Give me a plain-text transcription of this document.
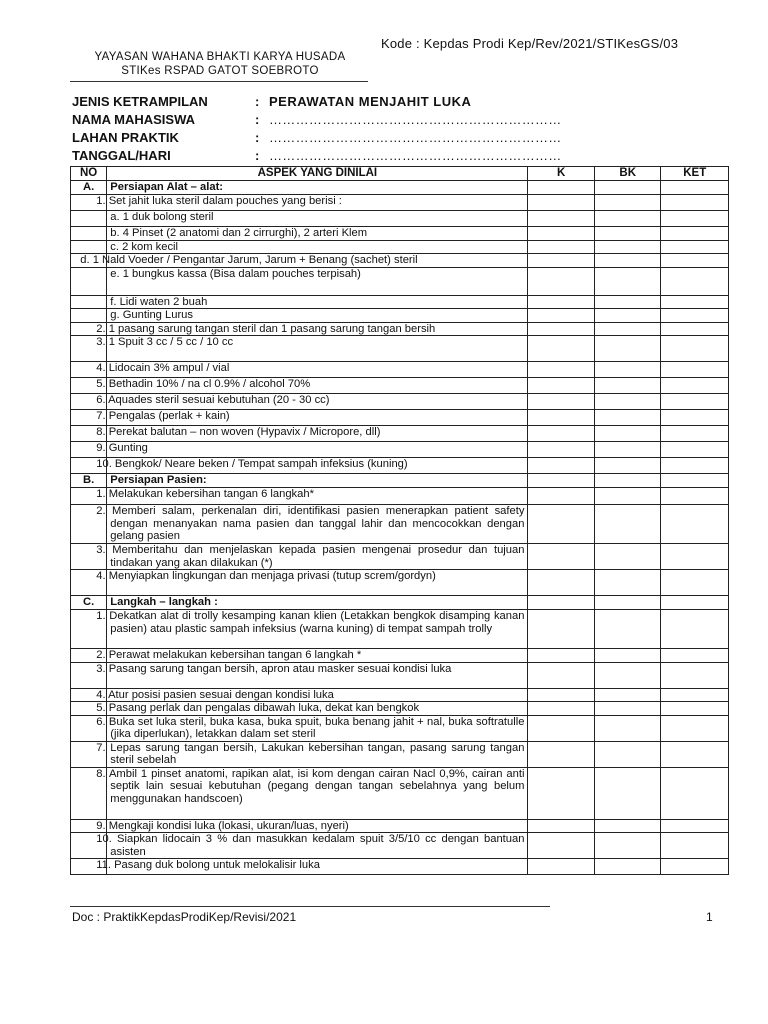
Kode : Kepdas Prodi Kep/Rev/2021/STIKesGS/03
YAYASAN WAHANA BHAKTI KARYA HUSADA
STIKes RSPAD GATOT SOEBROTO
JENIS KETRAMPILAN	: PERAWATAN MENJAHIT LUKA
NAMA MAHASISWA	: …………………………………………………………
LAHAN PRAKTIK	: …………………………………………………………
TANGGAL/HARI	: …………………………………………………………
NO	ASPEK YANG DINILAI	K	BK	KET
A.	Persiapan Alat – alat:			
	1. Set jahit luka steril dalam pouches yang berisi :			
	a. 1 duk bolong steril			
	b. 4 Pinset (2 anatomi dan 2 cirrurghi), 2 arteri Klem			
	c. 2 kom kecil			
	d. 1 Nald Voeder / Pengantar Jarum, Jarum + Benang (sachet) steril			
	e. 1 bungkus kassa (Bisa dalam pouches terpisah)			
	f. Lidi waten 2 buah			
	g. Gunting Lurus			
	2. 1 pasang sarung tangan steril dan 1 pasang sarung tangan bersih			
	3. 1 Spuit 3 cc / 5 cc / 10 cc			
	4. Lidocain 3% ampul / vial			
	5. Bethadin 10% / na cl 0.9% / alcohol 70%			
	6. Aquades steril sesuai kebutuhan (20 - 30 cc)			
	7. Pengalas (perlak + kain)			
	8. Perekat balutan – non woven (Hypavix / Micropore, dll)			
	9. Gunting			
	10. Bengkok/ Neare beken / Tempat sampah infeksius (kuning)			
B.	Persiapan Pasien:			
	1. Melakukan kebersihan tangan 6 langkah*			
	2. Memberi salam, perkenalan diri, identifikasi pasien menerapkan patient safety dengan menanyakan nama pasien dan tanggal lahir dan mencocokkan dengan gelang pasien			
	3. Memberitahu dan menjelaskan kepada pasien mengenai prosedur dan tujuan tindakan yang akan dilakukan (*)			
	4. Menyiapkan lingkungan dan menjaga privasi (tutup screm/gordyn)			
C.	Langkah – langkah :			
	1. Dekatkan alat di trolly kesamping kanan klien (Letakkan bengkok disamping kanan pasien) atau plastic sampah infeksius (warna kuning) di tempat sampah trolly			
	2. Perawat melakukan kebersihan tangan 6 langkah *			
	3. Pasang sarung tangan bersih, apron atau masker sesuai kondisi luka			
	4. Atur posisi pasien sesuai dengan kondisi luka			
	5. Pasang perlak dan pengalas dibawah luka, dekat kan bengkok			
	6. Buka set luka steril, buka kasa, buka spuit, buka benang jahit + nal, buka softratulle (jika diperlukan), letakkan dalam set steril			
	7. Lepas sarung tangan bersih, Lakukan kebersihan tangan, pasang sarung tangan steril sebelah			
	8. Ambil 1 pinset anatomi, rapikan alat, isi kom dengan cairan Nacl 0,9%, cairan anti septik lain sesuai kebutuhan (pegang dengan tangan sebelahnya yang belum menggunakan handscoen)			
	9. Mengkaji kondisi luka (lokasi, ukuran/luas, nyeri)			
	10. Siapkan lidocain 3 % dan masukkan kedalam spuit 3/5/10 cc dengan bantuan asisten			
	11. Pasang duk bolong untuk melokalisir luka			
Doc : PraktikKepdasProdiKep/Revisi/2021	1
